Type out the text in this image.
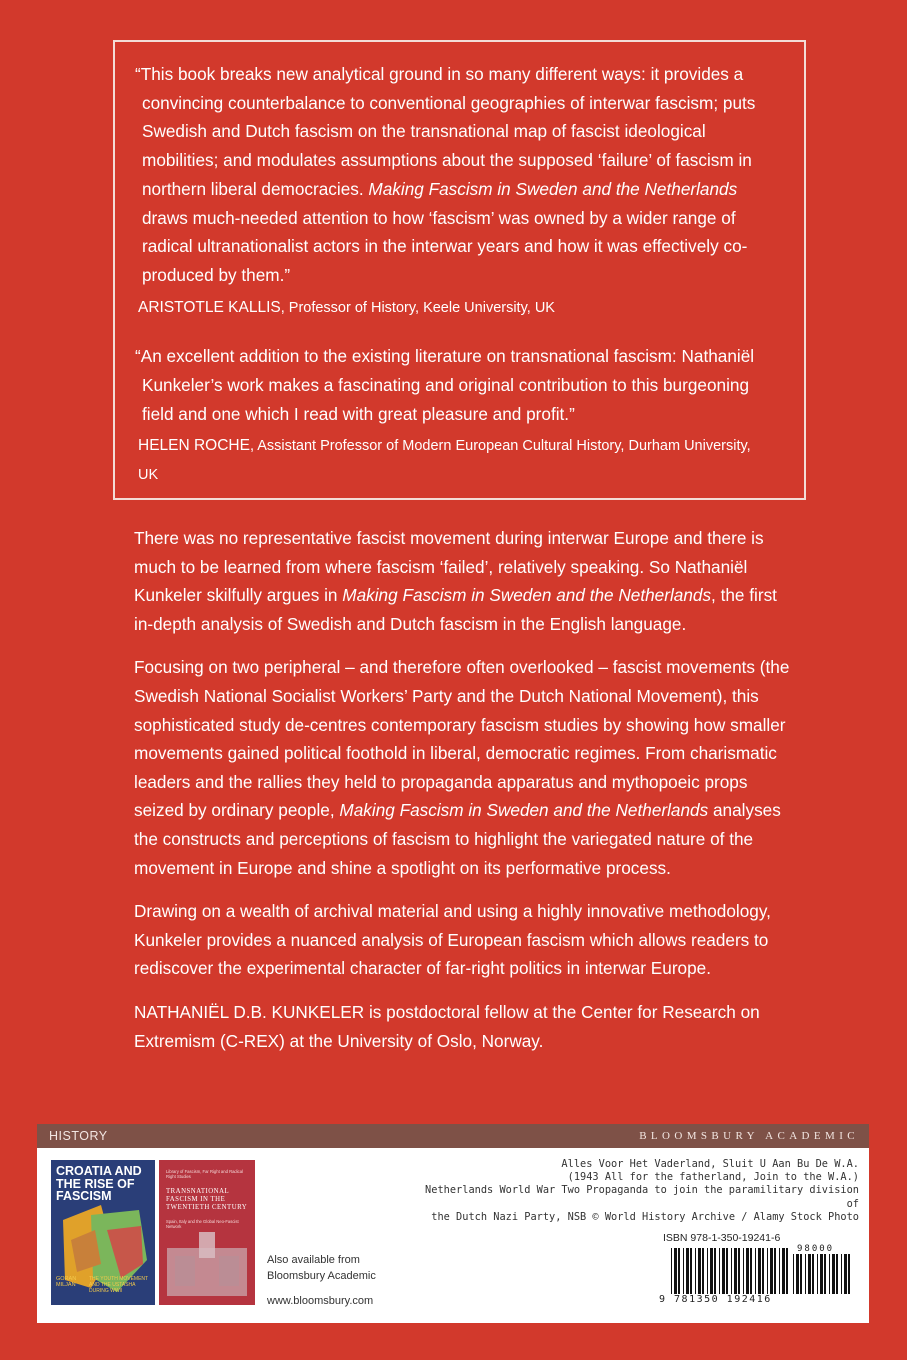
“This book breaks new analytical ground in so many different ways: it provides a convincing counterbalance to conventional geographies of interwar fascism; puts Swedish and Dutch fascism on the transnational map of fascist ideological mobilities; and modulates assumptions about the supposed ‘failure’ of fascism in northern liberal democracies. Making Fascism in Sweden and the Netherlands draws much-needed attention to how ‘fascism’ was owned by a wider range of radical ultranationalist actors in the interwar years and how it was effectively co-produced by them.”

ARISTOTLE KALLIS, Professor of History, Keele University, UK

“An excellent addition to the existing literature on transnational fascism: Nathaniël Kunkeler’s work makes a fascinating and original contribution to this burgeoning field and one which I read with great pleasure and profit.”

HELEN ROCHE, Assistant Professor of Modern European Cultural History, Durham University, UK

There was no representative fascist movement during interwar Europe and there is much to be learned from where fascism ‘failed’, relatively speaking. So Nathaniël Kunkeler skilfully argues in Making Fascism in Sweden and the Netherlands, the first in-depth analysis of Swedish and Dutch fascism in the English language.

Focusing on two peripheral – and therefore often overlooked – fascist movements (the Swedish National Socialist Workers’ Party and the Dutch National Movement), this sophisticated study de-centres contemporary fascism studies by showing how smaller movements gained political foothold in liberal, democratic regimes. From charismatic leaders and the rallies they held to propaganda apparatus and mythopoeic props seized by ordinary people, Making Fascism in Sweden and the Netherlands analyses the constructs and perceptions of fascism to highlight the variegated nature of the movement in Europe and shine a spotlight on its performative process.

Drawing on a wealth of archival material and using a highly innovative methodology, Kunkeler provides a nuanced analysis of European fascism which allows readers to rediscover the experimental character of far-right politics in interwar Europe.

NATHANIËL D.B. KUNKELER is postdoctoral fellow at the Center for Research on Extremism (C-REX) at the University of Oslo, Norway.

HISTORY	BLOOMSBURY ACADEMIC
CROATIA AND THE RISE OF FASCISM
GORAN MILJAN
THE YOUTH MOVEMENT AND THE USTASHA DURING WWII
Library of Fascism, Far Right and Radical Right Studies
TRANSNATIONAL FASCISM IN THE TWENTIETH CENTURY
Spain, Italy and the Global Neo-Fascist Network
Also available from Bloomsbury Academic
www.bloomsbury.com
Alles Voor Het Vaderland, Sluit U Aan Bu De W.A.
(1943 All for the fatherland, Join to the W.A.)
Netherlands World War Two Propaganda to join the paramilitary division of
the Dutch Nazi Party, NSB © World History Archive / Alamy Stock Photo
ISBN 978-1-350-19241-6
98000
9 781350 192416
